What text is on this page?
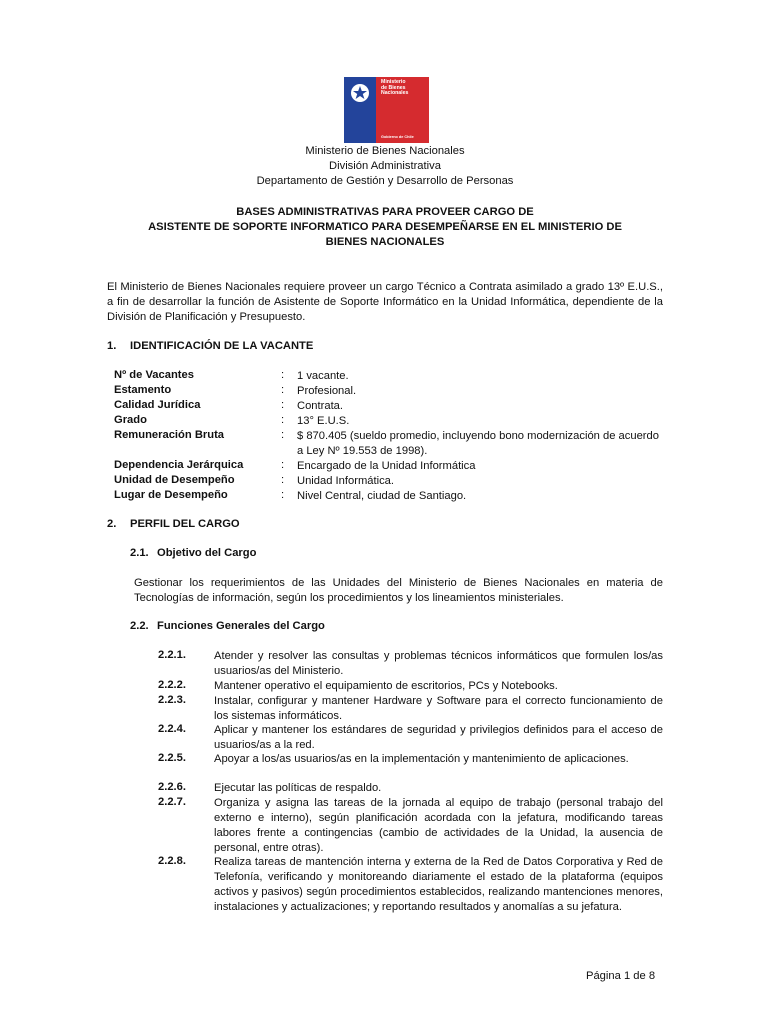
Ministerio
de Bienes
Nacionales
Gobierno de Chile
Ministerio de Bienes Nacionales
División Administrativa
Departamento de Gestión y Desarrollo de Personas
BASES ADMINISTRATIVAS PARA PROVEER CARGO DE
ASISTENTE DE SOPORTE INFORMATICO PARA DESEMPEÑARSE EN EL MINISTERIO DE
BIENES NACIONALES
El Ministerio de Bienes Nacionales requiere proveer un cargo Técnico a Contrata asimilado a grado 13º E.U.S., a fin de desarrollar la función de Asistente de Soporte Informático en la Unidad Informática, dependiente de la División de Planificación y Presupuesto.
1. IDENTIFICACIÓN DE LA VACANTE
Nº de Vacantes	: 1 vacante.
Estamento	: Profesional.
Calidad Jurídica	: Contrata.
Grado	: 13° E.U.S.
Remuneración Bruta	: $ 870.405 (sueldo promedio, incluyendo bono modernización de acuerdo a Ley Nº 19.553 de 1998).
Dependencia Jerárquica	: Encargado de la Unidad Informática
Unidad de Desempeño	: Unidad Informática.
Lugar de Desempeño	: Nivel Central, ciudad de Santiago.
2. PERFIL DEL CARGO
2.1. Objetivo del Cargo
Gestionar los requerimientos de las Unidades del Ministerio de Bienes Nacionales en materia de Tecnologías de información, según los procedimientos y los lineamientos ministeriales.
2.2. Funciones Generales del Cargo
2.2.1.	Atender y resolver las consultas y problemas técnicos informáticos que formulen los/as usuarios/as del Ministerio.
2.2.2.	Mantener operativo el equipamiento de escritorios, PCs y Notebooks.
2.2.3.	Instalar, configurar y mantener Hardware y Software para el correcto funcionamiento de los sistemas informáticos.
2.2.4.	Aplicar y mantener los estándares de seguridad y privilegios definidos para el acceso de usuarios/as a la red.
2.2.5.	Apoyar a los/as usuarios/as en la implementación y mantenimiento de aplicaciones.
2.2.6.	Ejecutar las políticas de respaldo.
2.2.7.	Organiza y asigna las tareas de la jornada al equipo de trabajo (personal trabajo del externo e interno), según planificación acordada con la jefatura, modificando tareas labores frente a contingencias (cambio de actividades de la Unidad, la ausencia de personal, entre otras).
2.2.8.	Realiza tareas de mantención interna y externa de la Red de Datos Corporativa y Red de Telefonía, verificando y monitoreando diariamente el estado de la plataforma (equipos activos y pasivos) según procedimientos establecidos, realizando mantenciones menores, instalaciones y actualizaciones; y reportando resultados y anomalías a su jefatura.
Página 1 de 8
